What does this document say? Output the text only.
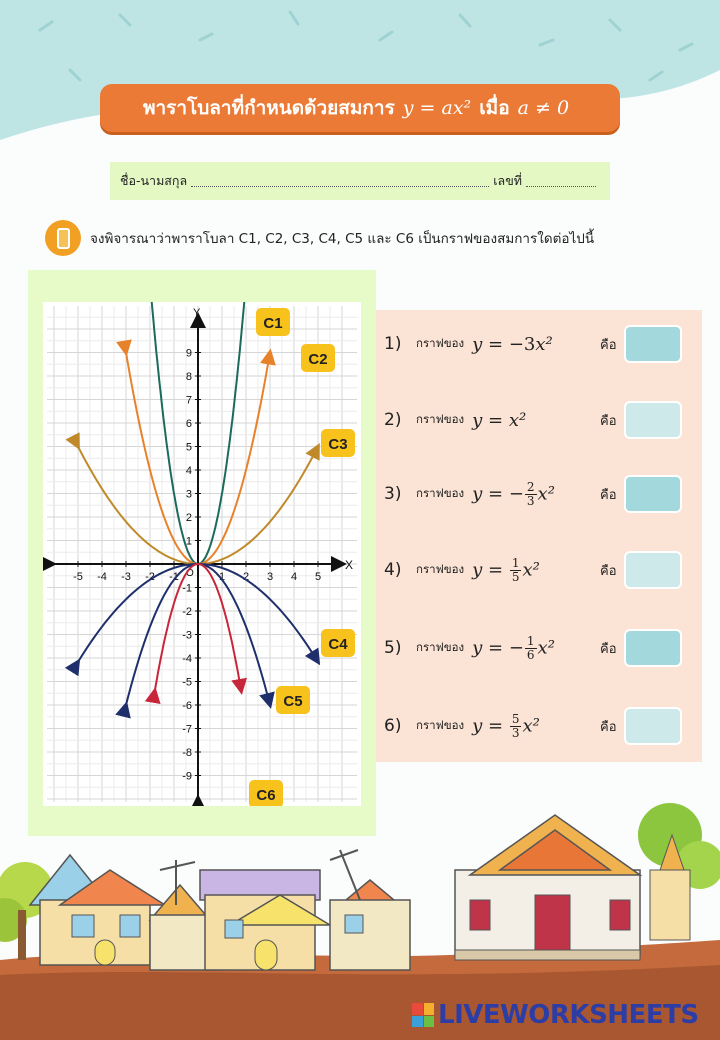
พาราโบลาที่กำหนดด้วยสมการ y = ax² เมื่อ a ≠ 0
ชื่อ-นามสกุล	เลขที่
จงพิจารณาว่าพาราโบลา C1, C2, C3, C4, C5 และ C6 เป็นกราฟของสมการใดต่อไปนี้
X
Y
O
-5 -4 -3 -2 -1	1 2 3 4 5
9
8
7
6
5
4
3
2
1
-1
-2
-3
-4
-5
-6
-7
-8
-9
C1
C2
C3
C4
C5
C6
1)	กราฟของ y = −3x²	คือ
2)	กราฟของ y = x²	คือ
3)	กราฟของ y = − $\frac{2}{3} x^2$	คือ
4)	กราฟของ $y = \frac{1}{5} x^2$	คือ
5)	กราฟของ y = − $\frac{1}{6} x^2$	คือ
6)	กราฟของ $y = \frac{5}{3} x^2$	คือ
LIVEWORKSHEETS
